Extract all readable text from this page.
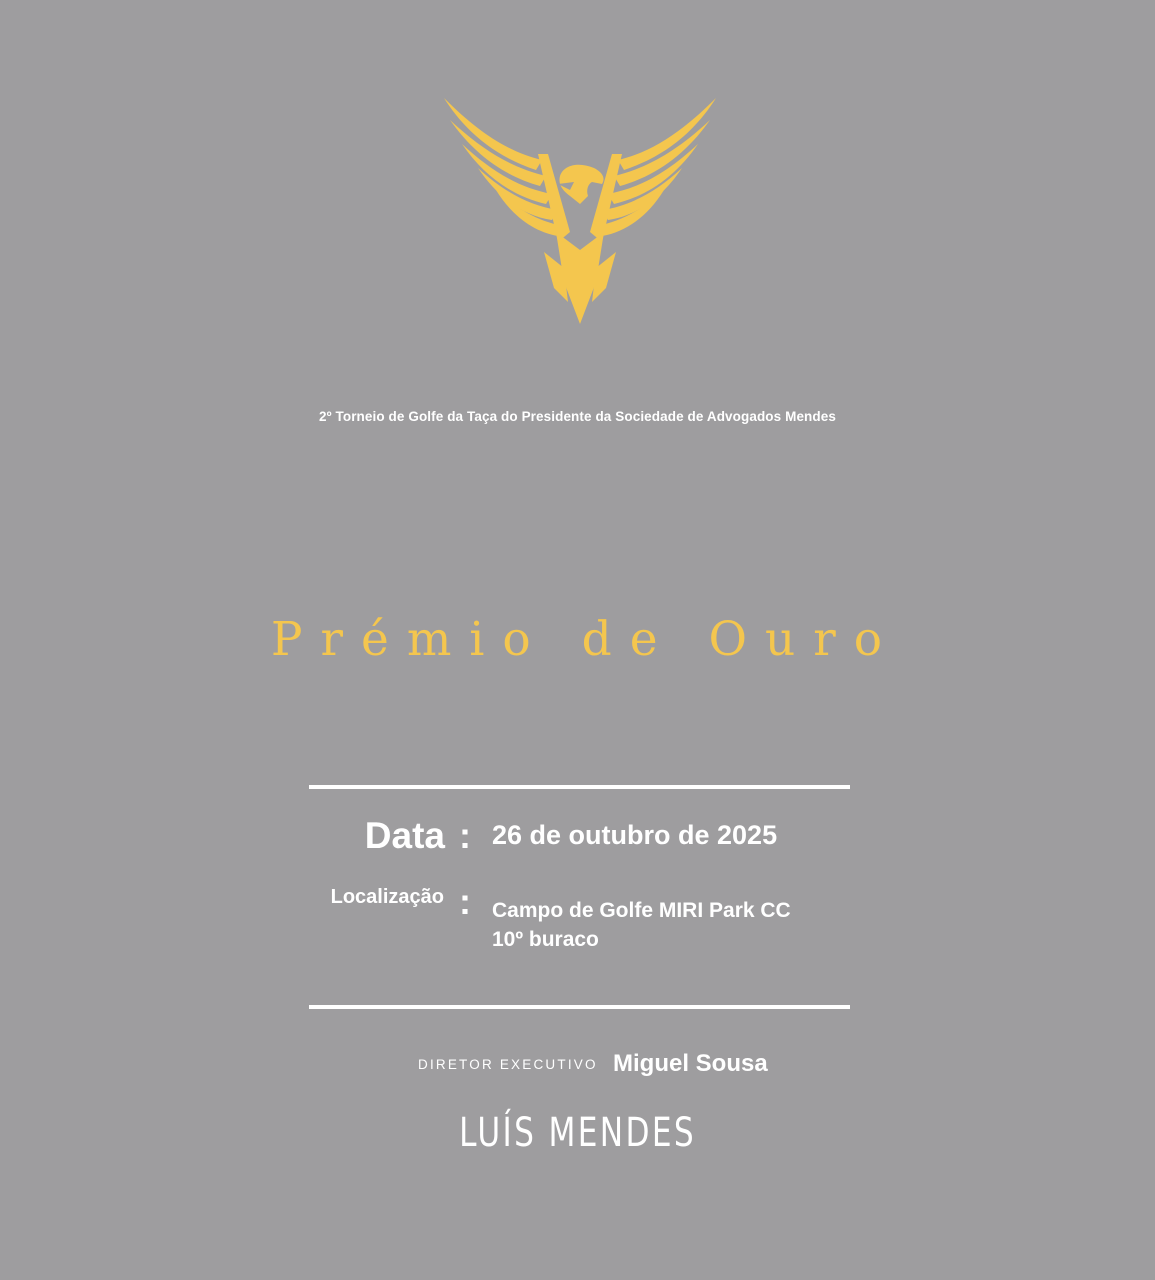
2º Torneio de Golfe da Taça do Presidente da Sociedade de Advogados Mendes
Prémio de Ouro
Data : 26 de outubro de 2025
Localização : Campo de Golfe MIRI Park CC
10º buraco
DIRETOR EXECUTIVO Miguel Sousa
LUÍS MENDES
